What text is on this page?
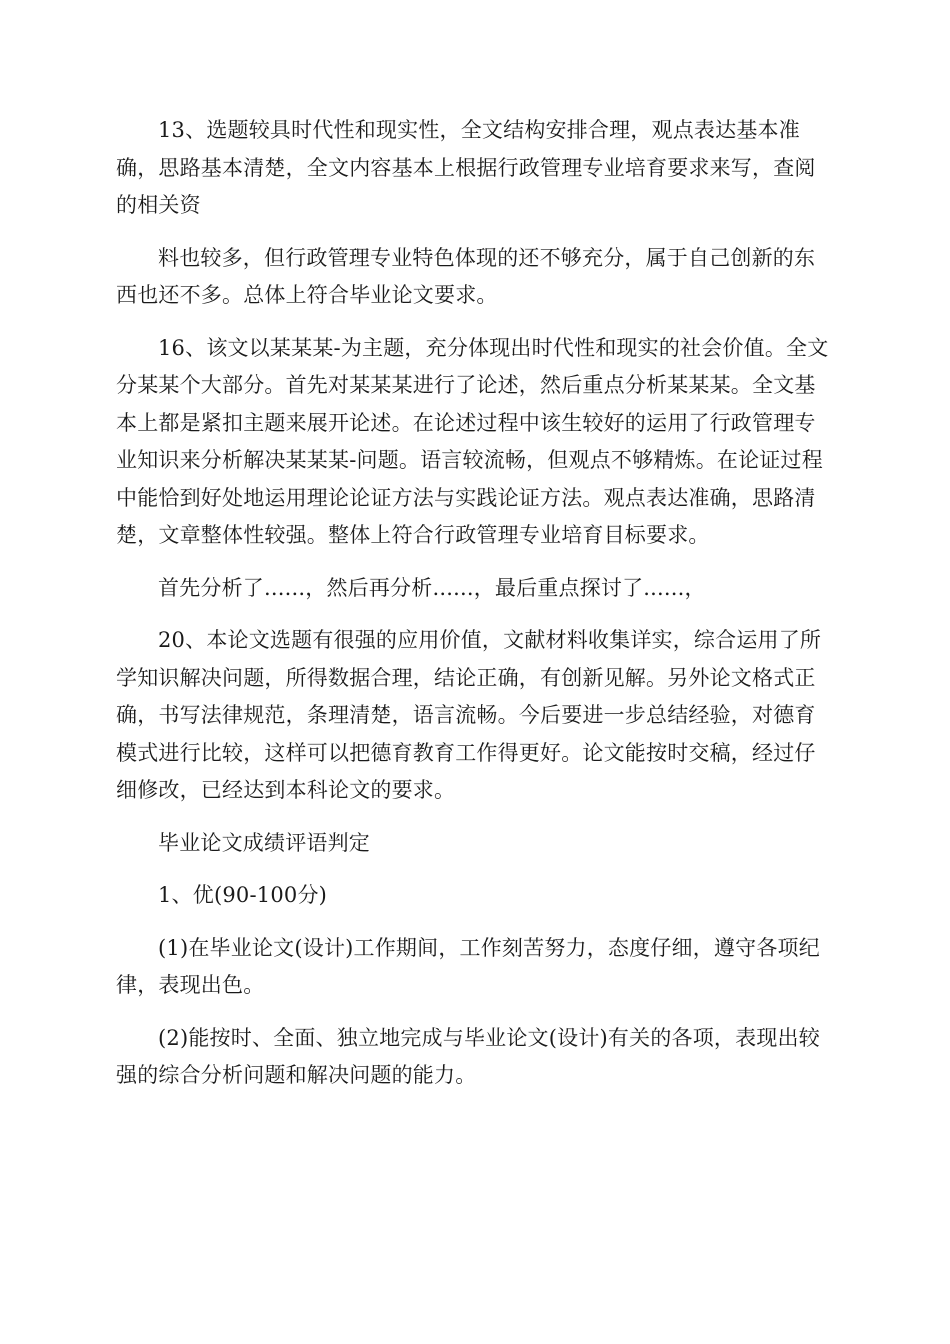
13、选题较具时代性和现实性，全文结构安排合理，观点表达基本准确，思路基本清楚，全文内容基本上根据行政管理专业培育要求来写，查阅的相关资

料也较多，但行政管理专业特色体现的还不够充分，属于自己创新的东西也还不多。总体上符合毕业论文要求。

16、该文以某某某-为主题，充分体现出时代性和现实的社会价值。全文分某某个大部分。首先对某某某进行了论述，然后重点分析某某某。全文基本上都是紧扣主题来展开论述。在论述过程中该生较好的运用了行政管理专业知识来分析解决某某某-问题。语言较流畅，但观点不够精炼。在论证过程中能恰到好处地运用理论论证方法与实践论证方法。观点表达准确，思路清楚，文章整体性较强。整体上符合行政管理专业培育目标要求。

首先分析了......，然后再分析......，最后重点探讨了......，

20、本论文选题有很强的应用价值，文献材料收集详实，综合运用了所学知识解决问题，所得数据合理，结论正确，有创新见解。另外论文格式正确，书写法律规范，条理清楚，语言流畅。今后要进一步总结经验，对德育模式进行比较，这样可以把德育教育工作得更好。论文能按时交稿，经过仔细修改，已经达到本科论文的要求。

毕业论文成绩评语判定

1、优(90-100分)

(1)在毕业论文(设计)工作期间，工作刻苦努力，态度仔细，遵守各项纪律，表现出色。

(2)能按时、全面、独立地完成与毕业论文(设计)有关的各项，表现出较强的综合分析问题和解决问题的能力。
